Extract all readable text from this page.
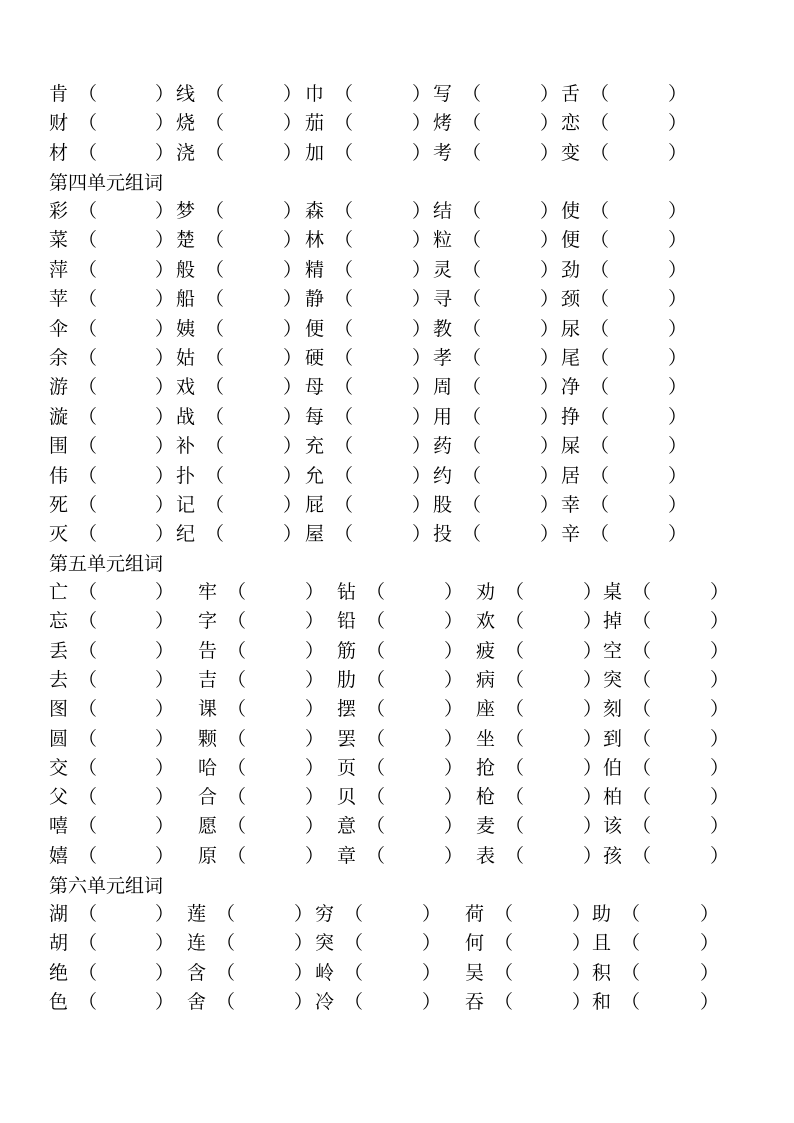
肯 （	） 线 （	） 巾 （	） 写 （	） 舌 （	）
财 （	） 烧 （	） 茄 （	） 烤 （	） 恋 （	）
材 （	） 浇 （	） 加 （	） 考 （	） 变 （	）
第四单元组词
彩 （	） 梦 （	） 森 （	） 结 （	） 使 （	）
菜 （	） 楚 （	） 林 （	） 粒 （	） 便 （	）
萍 （	） 般 （	） 精 （	） 灵 （	） 劲 （	）
苹 （	） 船 （	） 静 （	） 寻 （	） 颈 （	）
伞 （	） 姨 （	） 便 （	） 教 （	） 尿 （	）
余 （	） 姑 （	） 硬 （	） 孝 （	） 尾 （	）
游 （	） 戏 （	） 母 （	） 周 （	） 净 （	）
漩 （	） 战 （	） 每 （	） 用 （	） 挣 （	）
围 （	） 补 （	） 充 （	） 药 （	） 屎 （	）
伟 （	） 扑 （	） 允 （	） 约 （	） 居 （	）
死 （	） 记 （	） 屁 （	） 股 （	） 幸 （	）
灭 （	） 纪 （	） 屋 （	） 投 （	） 辛 （	）
第五单元组词
亡 （	） 牢 （	） 钻 （	） 劝 （	） 桌 （	）
忘 （	） 字 （	） 铅 （	） 欢 （	） 掉 （	）
丢 （	） 告 （	） 筋 （	） 疲 （	） 空 （	）
去 （	） 吉 （	） 肋 （	） 病 （	） 突 （	）
图 （	） 课 （	） 摆 （	） 座 （	） 刻 （	）
圆 （	） 颗 （	） 罢 （	） 坐 （	） 到 （	）
交 （	） 哈 （	） 页 （	） 抢 （	） 伯 （	）
父 （	） 合 （	） 贝 （	） 枪 （	） 柏 （	）
嘻 （	） 愿 （	） 意 （	） 麦 （	） 该 （	）
嬉 （	） 原 （	） 章 （	） 表 （	） 孩 （	）
第六单元组词
湖 （	） 莲 （	） 穷 （	） 荷 （	） 助 （	）
胡 （	） 连 （	） 突 （	） 何 （	） 且 （	）
绝 （	） 含 （	） 岭 （	） 吴 （	） 积 （	）
色 （	） 舍 （	） 冷 （	） 吞 （	） 和 （	）
